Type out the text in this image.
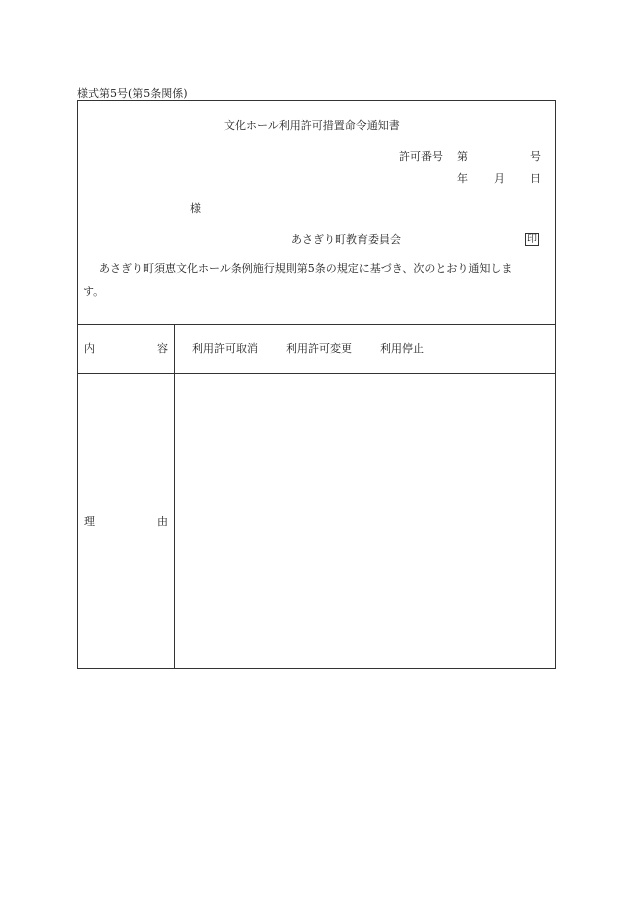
様式第5号(第5条関係)
文化ホール利用許可措置命令通知書
許可番号 第	号
年 月 日
様
あさぎり町教育委員会	印
あさぎり町須恵文化ホール条例施行規則第5条の規定に基づき、次のとおり通知しま
す。
内	容 利用許可取消	利用許可変更	利用停止
理	由
